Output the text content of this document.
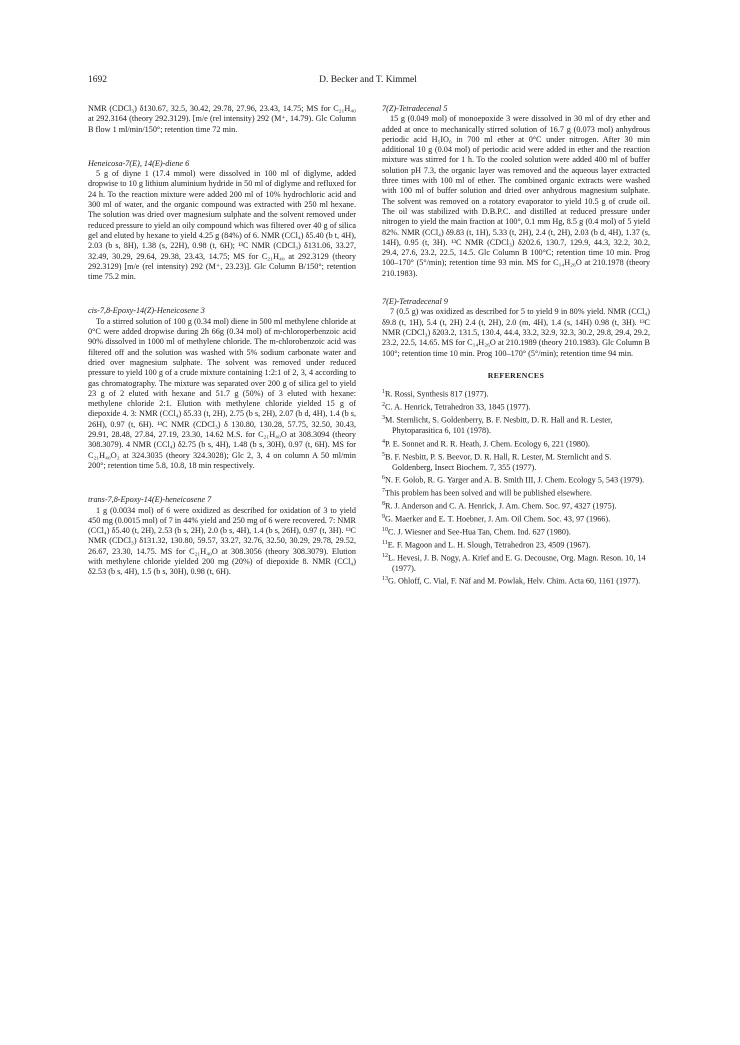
1692	D. Becker and T. Kimmel

NMR (CDCl₃) δ130.67, 32.5, 30.42, 29.78, 27.96, 23.43, 14.75; MS for C₂₁H₄₀ at 292.3164 (theory 292.3129). [m/e (rel intensity) 292 (M⁺, 14.79). Glc Column B flow 1 ml/min/150°; retention time 72 min.

Heneicosa-7(E), 14(E)-diene 6

5 g of diyne 1 (17.4 mmol) were dissolved in 100 ml of diglyme, added dropwise to 10 g lithium aluminium hydride in 50 ml of diglyme and refluxed for 24 h. To the reaction mixture were added 200 ml of 10% hydrochloric acid and 300 ml of water, and the organic compound was extracted with 250 ml hexane. The solution was dried over magnesium sulphate and the solvent removed under reduced pressure to yield an oily compound which was filtered over 40 g of silica gel and eluted by hexane to yield 4.25 g (84%) of 6. NMR (CCl₄) δ5.40 (b t, 4H), 2.03 (b s, 8H), 1.38 (s, 22H), 0.98 (t, 6H); ¹³C NMR (CDCl₃) δ131.06, 33.27, 32.49, 30.29, 29.64, 29.38, 23.43, 14.75; MS for C₂₁H₄₀ at 292.3129 (theory 292.3129) [m/e (rel intensity) 292 (M⁺, 23.23)]. Glc Column B/150°; retention time 75.2 min.

cis-7,8-Epoxy-14(Z)-Heneicosene 3

To a stirred solution of 100 g (0.34 mol) diene in 500 ml methylene chloride at 0°C were added dropwise during 2h 66g (0.34 mol) of m-chloroperbenzoic acid 90% dissolved in 1000 ml of methylene chloride. The m-chlorobenzoic acid was filtered off and the solution was washed with 5% sodium carbonate water and dried over magnesium sulphate. The solvent was removed under reduced pressure to yield 100 g of a crude mixture containing 1:2:1 of 2, 3, 4 according to gas chromatography. The mixture was separated over 200 g of silica gel to yield 23 g of 2 eluted with hexane and 51.7 g (50%) of 3 eluted with hexane: methylene chloride 2:1. Elution with methylene chloride yielded 15 g of diepoxide 4. 3: NMR (CCl₄) δ5.33 (t, 2H), 2.75 (b s, 2H), 2.07 (b d, 4H), 1.4 (b s, 26H), 0.97 (t, 6H). ¹³C NMR (CDCl₃) δ 130.80, 130.28, 57.75, 32.50, 30.43, 29.91, 28.48, 27.84, 27.19, 23.30, 14.62 M.S. for C₂₁H₄₀O at 308.3094 (theory 308.3079). 4 NMR (CCl₄) δ2.75 (b s, 4H), 1.48 (b s, 30H), 0.97 (t, 6H). MS for C₂₁H₄₀O₂ at 324.3035 (theory 324.3028); Glc 2, 3, 4 on column A 50 ml/min 200°; retention time 5.8, 10.8, 18 min respectively.

trans-7,8-Epoxy-14(E)-heneicosene 7

1 g (0.0034 mol) of 6 were oxidized as described for oxidation of 3 to yield 450 mg (0.0015 mol) of 7 in 44% yield and 250 mg of 6 were recovered. 7: NMR (CCl₄) δ5.40 (t, 2H), 2.53 (b s, 2H), 2.0 (b s, 4H), 1.4 (b s, 26H), 0.97 (t, 3H). ¹³C NMR (CDCl₃) δ131.32, 130.80, 59.57, 33.27, 32.76, 32.50, 30.29, 29.78, 29.52, 26.67, 23.30, 14.75. MS for C₂₁H₄₀O at 308.3056 (theory 308.3079). Elution with methylene chloride yielded 200 mg (20%) of diepoxide 8. NMR (CCl₄) δ2.53 (b s, 4H), 1.5 (b s, 30H), 0.98 (t, 6H).

7(Z)-Tetradecenal 5

15 g (0.049 mol) of monoepoxide 3 were dissolved in 30 ml of dry ether and added at once to mechanically stirred solution of 16.7 g (0.073 mol) anhydrous periodic acid H₅IO₆ in 700 ml ether at 0°C under nitrogen. After 30 min additional 10 g (0.04 mol) of periodic acid were added in ether and the reaction mixture was stirred for 1 h. To the cooled solution were added 400 ml of buffer solution pH 7.3, the organic layer was removed and the aqueous layer extracted three times with 100 ml of ether. The combined organic extracts were washed with 100 ml of buffer solution and dried over anhydrous magnesium sulphate. The solvent was removed on a rotatory evaporator to yield 10.5 g of crude oil. The oil was stabilized with D.B.P.C. and distilled at reduced pressure under nitrogen to yield the main fraction at 100°, 0.1 mm Hg, 8.5 g (0.4 mol) of 5 yield 82%. NMR (CCl₄) δ9.83 (t, 1H), 5.33 (t, 2H), 2.4 (t, 2H), 2.03 (b d, 4H), 1.37 (s, 14H), 0.95 (t, 3H). ¹³C NMR (CDCl₃) δ202.6, 130.7, 129.9, 44.3, 32.2, 30.2, 29.4, 27.6, 23.2, 22.5, 14.5. Glc Column B 100°C; retention time 10 min. Prog 100–170° (5°/min); retention time 93 min. MS for C₁₄H₂₆O at 210.1978 (theory 210.1983).

7(E)-Tetradecenal 9

7 (0.5 g) was oxidized as described for 5 to yield 9 in 80% yield. NMR (CCl₄) δ9.8 (t, 1H), 5.4 (t, 2H) 2.4 (t, 2H), 2.0 (m, 4H), 1.4 (s, 14H) 0.98 (t, 3H). ¹³C NMR (CDCl₃) δ203.2, 131.5, 130.4, 44.4, 33.2, 32.9, 32.3, 30.2, 29.8, 29.4, 29.2, 23.2, 22.5, 14.65. MS for C₁₄H₂₆O at 210.1989 (theory 210.1983). Glc Column B 100°; retention time 10 min. Prog 100–170° (5°/min); retention time 94 min.

REFERENCES
$^1$R. Rossi, Synthesis 817 (1977).
$^2$C. A. Henrick, Tetrahedron 33, 1845 (1977).
$^3$M. Sternlicht, S. Goldenberry, B. F. Nesbitt, D. R. Hall and R. Lester, Phytoparasitica 6, 101 (1978).
$^4$P. E. Sonnet and R. R. Heath, J. Chem. Ecology 6, 221 (1980).
$^5$B. F. Nesbitt, P. S. Beevor, D. R. Hall, R. Lester, M. Sternlicht and S. Goldenberg, Insect Biochem. 7, 355 (1977).
$^6$N. F. Golob, R. G. Yarger and A. B. Smith III, J. Chem. Ecology 5, 543 (1979).
$^7$This problem has been solved and will be published elsewhere.
$^8$R. J. Anderson and C. A. Henrick, J. Am. Chem. Soc. 97, 4327 (1975).
$^9$G. Maerker and E. T. Hoebner, J. Am. Oil Chem. Soc. 43, 97 (1966).
$^{10}$C. J. Wiesner and See-Hua Tan, Chem. Ind. 627 (1980).
$^{11}$E. F. Magoon and L. H. Slough, Tetrahedron 23, 4509 (1967).
$^{12}$L. Hevesi, J. B. Nogy, A. Krief and E. G. Decousne, Org. Magn. Reson. 10, 14 (1977).
$^{13}$G. Ohloff, C. Vial, F. Näf and M. Powlak, Helv. Chim. Acta 60, 1161 (1977).
